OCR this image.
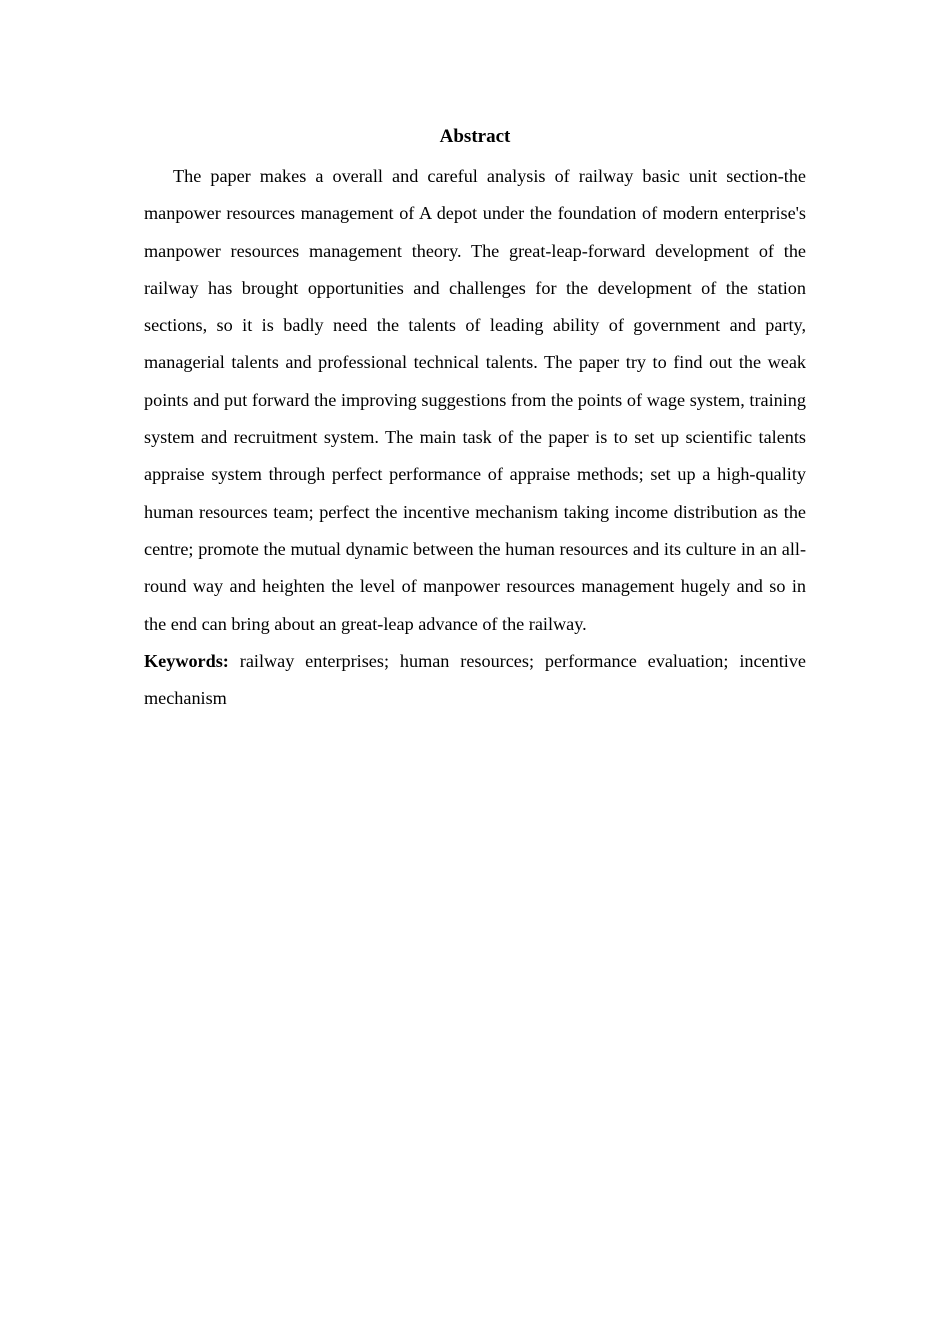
Abstract

The paper makes a overall and careful analysis of railway basic unit section-the manpower resources management of A depot under the foundation of modern enterprise's manpower resources management theory. The great-leap-forward development of the railway has brought opportunities and challenges for the development of the station sections, so it is badly need the talents of leading ability of government and party, managerial talents and professional technical talents. The paper try to find out the weak points and put forward the improving suggestions from the points of wage system, training system and recruitment system. The main task of the paper is to set up scientific talents appraise system through perfect performance of appraise methods; set up a high-quality human resources team; perfect the incentive mechanism taking income distribution as the centre; promote the mutual dynamic between the human resources and its culture in an all- round way and heighten the level of manpower resources management hugely and so in the end can bring about an great-leap advance of the railway.

Keywords: railway enterprises; human resources; performance evaluation; incentive mechanism
